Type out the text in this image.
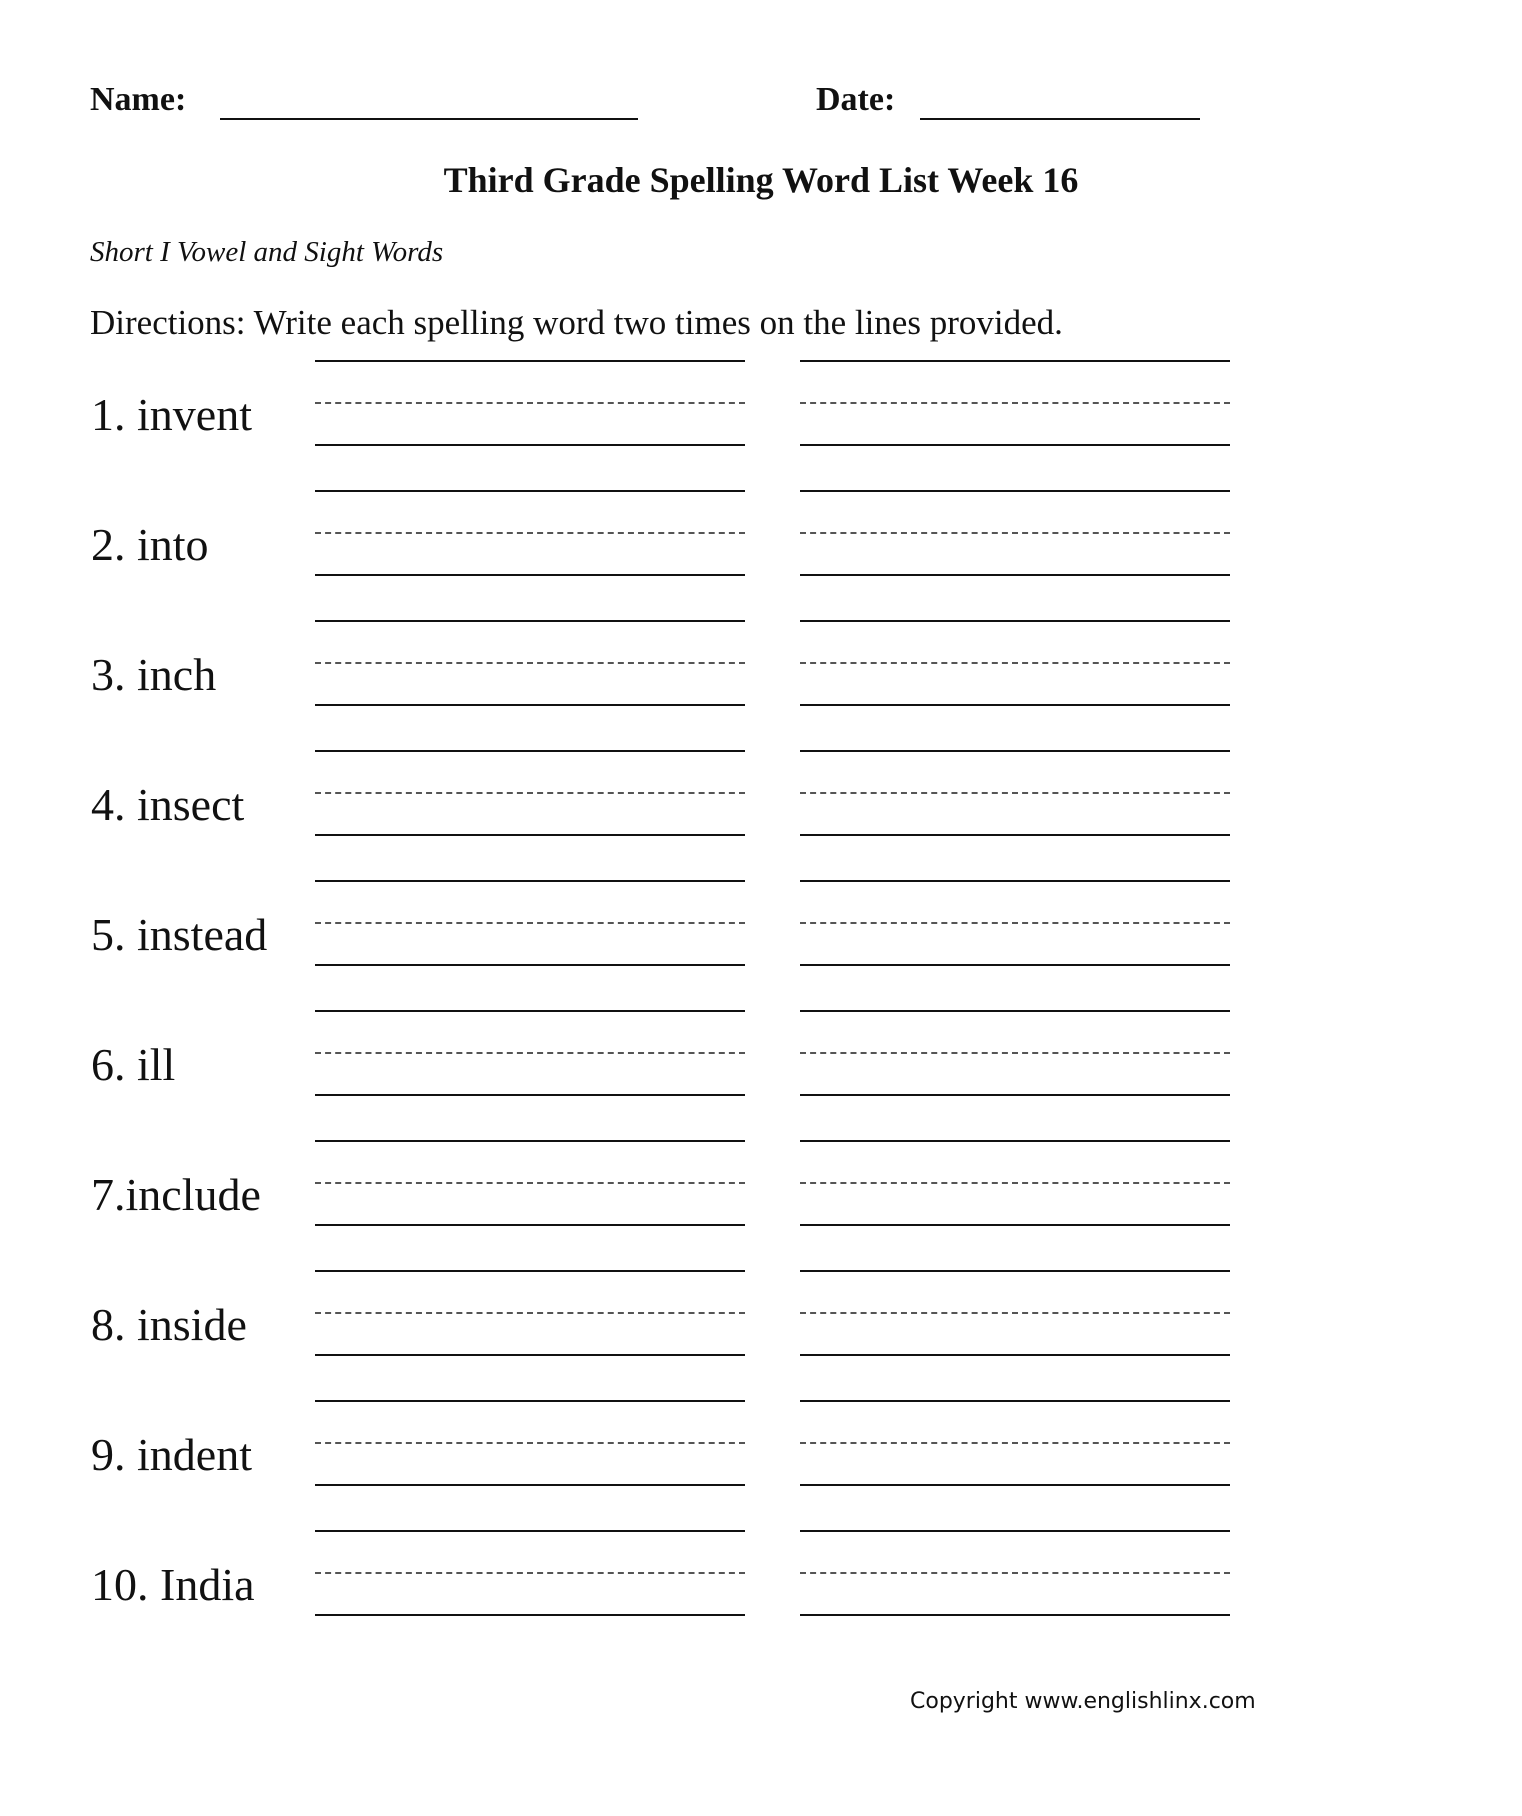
Name:	Date:
Third Grade Spelling Word List Week 16
Short I Vowel and Sight Words
Directions: Write each spelling word two times on the lines provided.
1. invent
2. into
3. inch
4. insect
5. instead
6. ill
7.include
8. inside
9. indent
10. India
Copyright www.englishlinx.com
